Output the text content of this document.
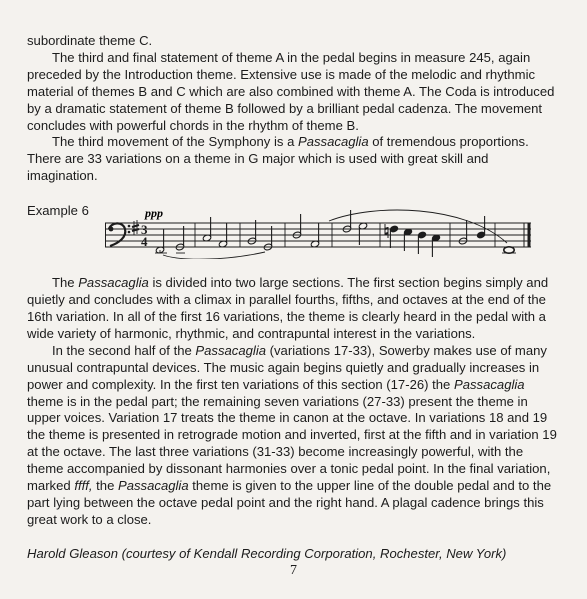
subordinate theme C.

The third and final statement of theme A in the pedal begins in measure 245, again preceded by the Introduction theme. Extensive use is made of the melodic and rhythmic material of themes B and C which are also combined with theme A. The Coda is introduced by a dramatic statement of theme B followed by a brilliant pedal cadenza. The movement concludes with powerful chords in the rhythm of theme B.

The third movement of the Symphony is a Passacaglia of tremendous proportions. There are 33 variations on a theme in G major which is used with great skill and imagination.

Example 6	ppp
3
4

The Passacaglia is divided into two large sections. The first section begins simply and quietly and concludes with a climax in parallel fourths, fifths, and octaves at the end of the 16th variation. In all of the first 16 variations, the theme is clearly heard in the pedal with a wide variety of harmonic, rhythmic, and contrapuntal interest in the variations.

In the second half of the Passacaglia (variations 17-33), Sowerby makes use of many unusual contrapuntal devices. The music again begins quietly and gradually increases in power and complexity. In the first ten variations of this section (17-26) the Passacaglia theme is in the pedal part; the remaining seven variations (27-33) present the theme in upper voices. Variation 17 treats the theme in canon at the octave. In variations 18 and 19 the theme is presented in retrograde motion and inverted, first at the fifth and in variation 19 at the octave. The last three variations (31-33) become increasingly powerful, with the theme accompanied by dissonant harmonies over a tonic pedal point. In the final variation, marked ffff, the Passacaglia theme is given to the upper line of the double pedal and to the part lying between the octave pedal point and the right hand. A plagal cadence brings this great work to a close.

Harold Gleason (courtesy of Kendall Recording Corporation, Rochester, New York)

7
